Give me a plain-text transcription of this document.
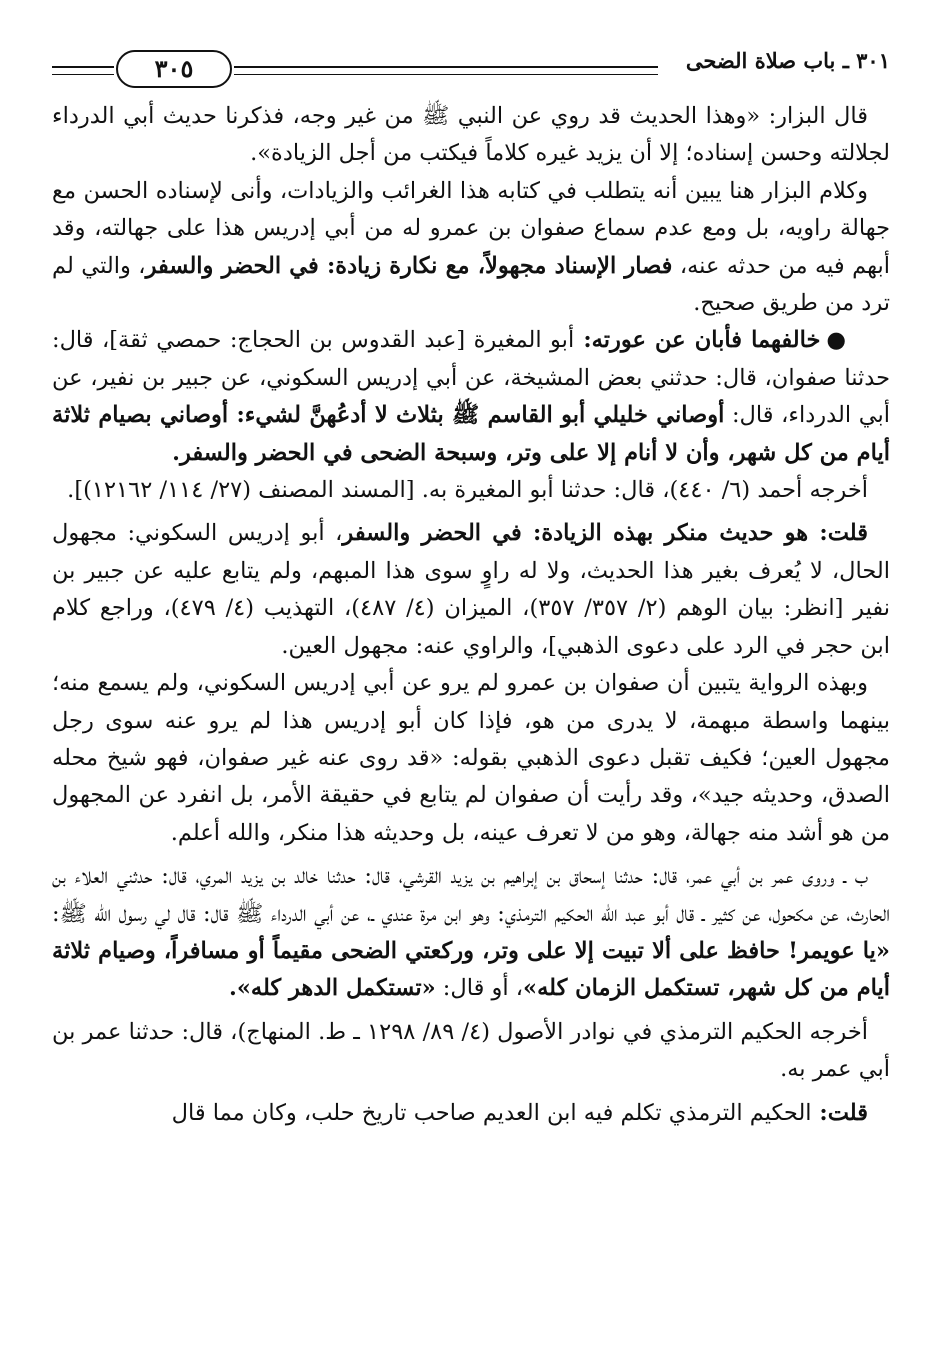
٣٠١ ـ باب صلاة الضحى
٣٠٥

قال البزار: «وهذا الحديث قد روي عن النبي ﷺ من غير وجه، فذكرنا حديث أبي الدرداء لجلالته وحسن إسناده؛ إلا أن يزيد غيره كلاماً فيكتب من أجل الزيادة».

وكلام البزار هنا يبين أنه يتطلب في كتابه هذا الغرائب والزيادات، وأنى لإسناده الحسن مع جهالة راويه، بل ومع عدم سماع صفوان بن عمرو له من أبي إدريس هذا على جهالته، وقد أبهم فيه من حدثه عنه، فصار الإسناد مجهولاً، مع نكارة زيادة: في الحضر والسفر، والتي لم ترد من طريق صحيح.

●خالفهما فأبان عن عورته: أبو المغيرة [عبد القدوس بن الحجاج: حمصي ثقة]، قال: حدثنا صفوان، قال: حدثني بعض المشيخة، عن أبي إدريس السكوني، عن جبير بن نفير، عن أبي الدرداء، قال: أوصاني خليلي أبو القاسم ﷺ بثلاث لا أدعُهنَّ لشيء: أوصاني بصيام ثلاثة أيام من كل شهر، وأن لا أنام إلا على وتر، وسبحة الضحى في الحضر والسفر.

أخرجه أحمد (٦/ ٤٤٠)، قال: حدثنا أبو المغيرة به. [المسند المصنف (٢٧/ ١١٤/ ١٢١٦٢)].

قلت: هو حديث منكر بهذه الزيادة: في الحضر والسفر، أبو إدريس السكوني: مجهول الحال، لا يُعرف بغير هذا الحديث، ولا له راوٍ سوى هذا المبهم، ولم يتابع عليه عن جبير بن نفير [انظر: بيان الوهم (٢/ ٣٥٧/ ٣٥٧)، الميزان (٤/ ٤٨٧)، التهذيب (٤/ ٤٧٩)، وراجع كلام ابن حجر في الرد على دعوى الذهبي]، والراوي عنه: مجهول العين.

وبهذه الرواية يتبين أن صفوان بن عمرو لم يرو عن أبي إدريس السكوني، ولم يسمع منه؛ بينهما واسطة مبهمة، لا يدرى من هو، فإذا كان أبو إدريس هذا لم يرو عنه سوى رجل مجهول العين؛ فكيف تقبل دعوى الذهبي بقوله: «قد روى عنه غير صفوان، فهو شيخ محله الصدق، وحديثه جيد»، وقد رأيت أن صفوان لم يتابع في حقيقة الأمر، بل انفرد عن المجهول من هو أشد منه جهالة، وهو من لا تعرف عينه، بل وحديثه هذا منكر، والله أعلم.

ب ـ وروى عمر بن أبي عمر، قال: حدثنا إسحاق بن إبراهيم بن يزيد القرشي، قال: حدثنا خالد بن يزيد المري، قال: حدثني العلاء بن الحارث، عن مكحول، عن كثير ـ قال أبو عبد الله الحكيم الترمذي: وهو ابن مرة عندي ـ، عن أبي الدرداء ﷺ قال: قال لي رسول الله ﷺ: «يا عويمر! حافظ على ألا تبيت إلا على وتر، وركعتي الضحى مقيماً أو مسافراً، وصيام ثلاثة أيام من كل شهر، تستكمل الزمان كله»، أو قال: «تستكمل الدهر كله».

أخرجه الحكيم الترمذي في نوادر الأصول (٤/ ٨٩/ ١٢٩٨ ـ ط. المنهاج)، قال: حدثنا عمر بن أبي عمر به.

قلت: الحكيم الترمذي تكلم فيه ابن العديم صاحب تاريخ حلب، وكان مما قال
